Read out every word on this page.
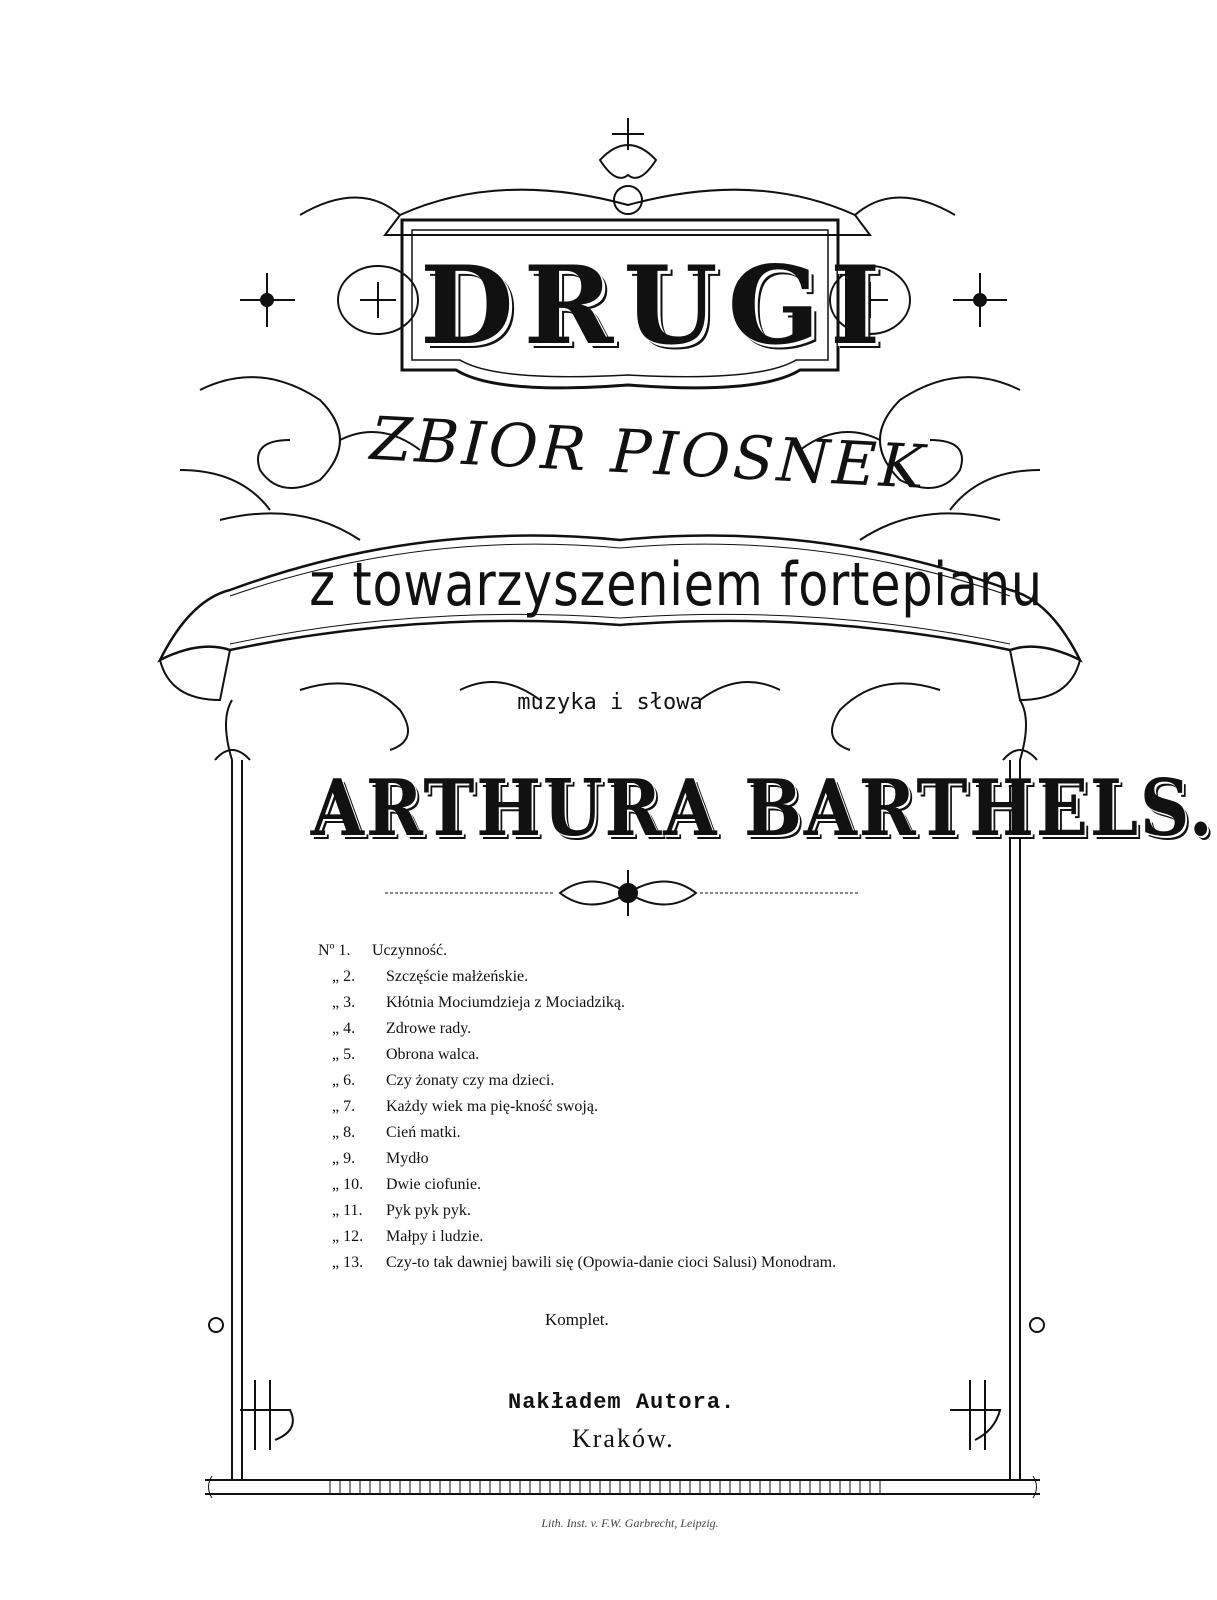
DRUGI
ZBIOR PIOSNEK
z towarzyszeniem fortepianu
muzyka i słowa
ARTHURA BARTHELS.
Nº 1. Uczynność.
„ 2. Szczęście małżeńskie.
„ 3. Kłótnia Mociumdzieja z Mociadziką.
„ 4. Zdrowe rady.
„ 5. Obrona walca.
„ 6. Czy żonaty czy ma dzieci.
„ 7. Każdy wiek ma pię-kność swoją.
„ 8. Cień matki.
„ 9. Mydło
„ 10. Dwie ciofunie.
„ 11. Pyk pyk pyk.
„ 12. Małpy i ludzie.
„ 13. Czy-to tak dawniej bawili się (Opowia-danie cioci Salusi) Monodram.
Komplet.
Nakładem Autora.
Kraków.
Lith. Inst. v. F.W. Garbrecht, Leipzig.
